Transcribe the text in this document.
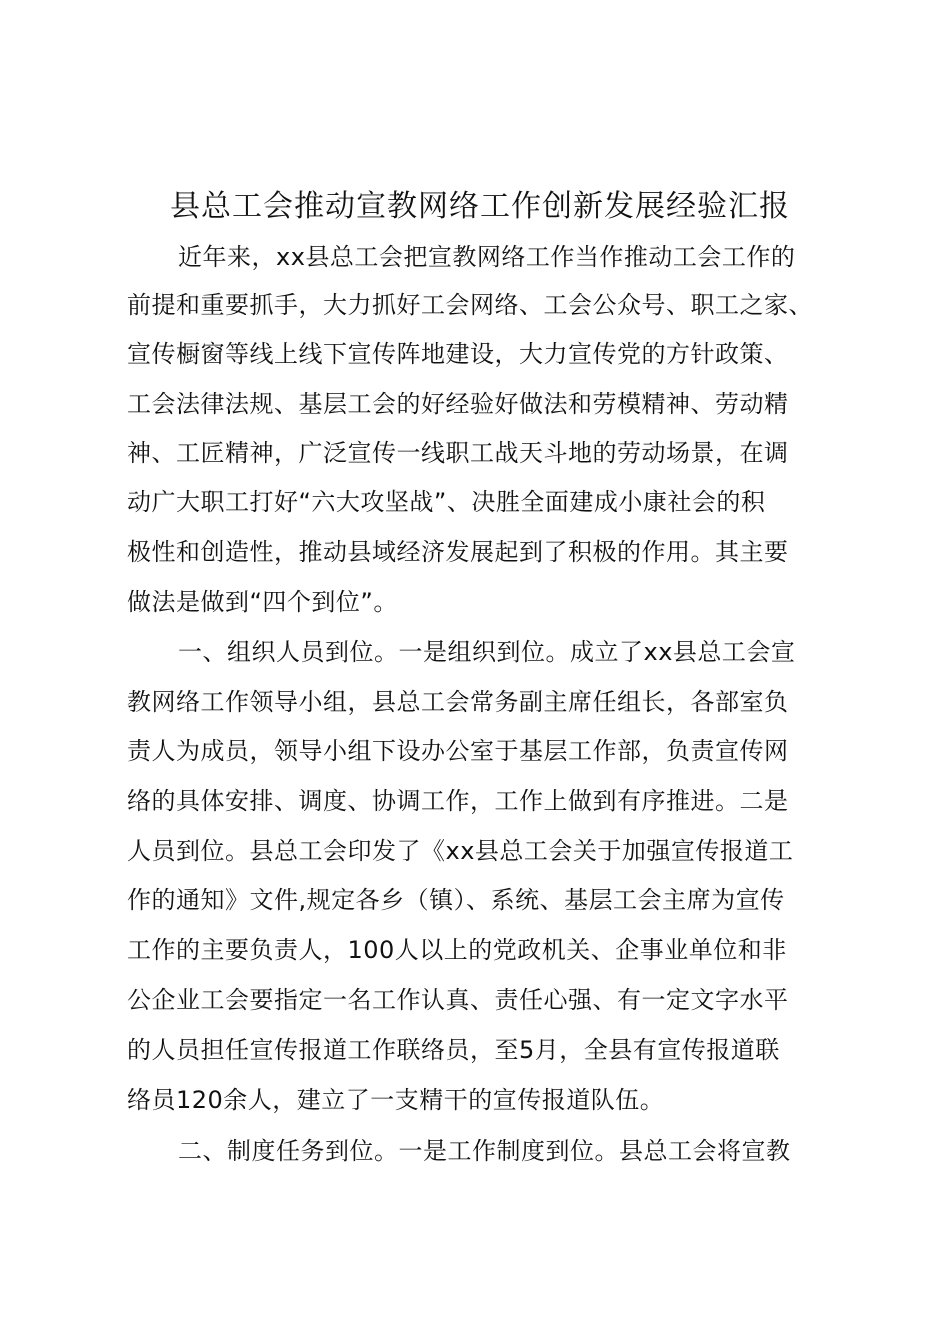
县总工会推动宣教网络工作创新发展经验汇报
近年来，xx县总工会把宣教网络工作当作推动工会工作的
前提和重要抓手，大力抓好工会网络、工会公众号、职工之家、
宣传橱窗等线上线下宣传阵地建设，大力宣传党的方针政策、
工会法律法规、基层工会的好经验好做法和劳模精神、劳动精
神、工匠精神，广泛宣传一线职工战天斗地的劳动场景，在调
动广大职工打好“六大攻坚战”、决胜全面建成小康社会的积
极性和创造性，推动县域经济发展起到了积极的作用。其主要
做法是做到“四个到位”。
一、组织人员到位。一是组织到位。成立了xx县总工会宣
教网络工作领导小组，县总工会常务副主席任组长，各部室负
责人为成员，领导小组下设办公室于基层工作部，负责宣传网
络的具体安排、调度、协调工作，工作上做到有序推进。二是
人员到位。县总工会印发了《xx县总工会关于加强宣传报道工
作的通知》文件,规定各乡（镇）、系统、基层工会主席为宣传
工作的主要负责人，100人以上的党政机关、企事业单位和非
公企业工会要指定一名工作认真、责任心强、有一定文字水平
的人员担任宣传报道工作联络员，至5月，全县有宣传报道联
络员120余人，建立了一支精干的宣传报道队伍。
二、制度任务到位。一是工作制度到位。县总工会将宣教
